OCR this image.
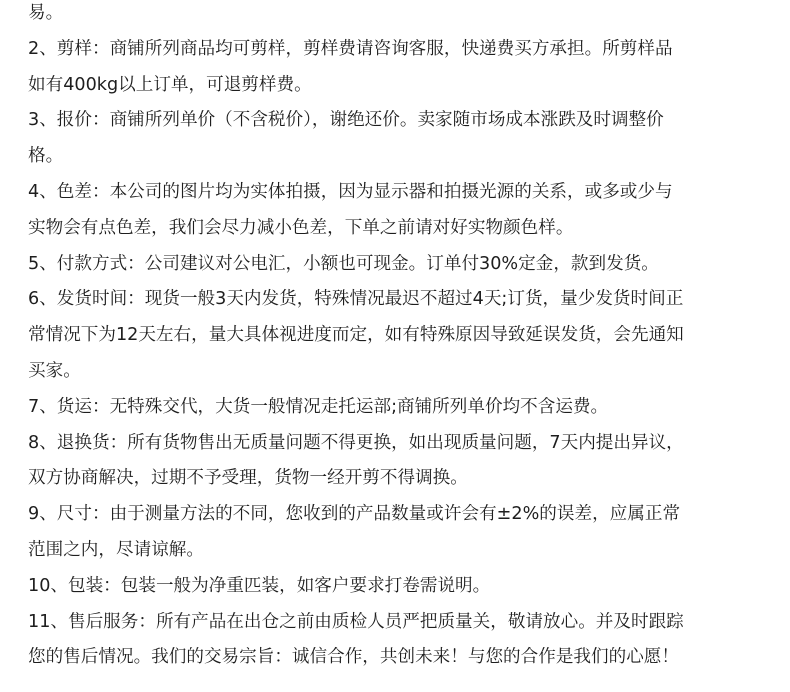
易。
2、剪样：商铺所列商品均可剪样，剪样费请咨询客服，快递费买方承担。所剪样品
如有400kg以上订单，可退剪样费。
3、报价：商铺所列单价（不含税价），谢绝还价。卖家随市场成本涨跌及时调整价
格。
4、色差：本公司的图片均为实体拍摄，因为显示器和拍摄光源的关系，或多或少与
实物会有点色差，我们会尽力减小色差，下单之前请对好实物颜色样。
5、付款方式：公司建议对公电汇，小额也可现金。订单付30%定金，款到发货。
6、发货时间：现货一般3天内发货，特殊情况最迟不超过4天;订货，量少发货时间正
常情况下为12天左右，量大具体视进度而定，如有特殊原因导致延误发货，会先通知
买家。
7、货运：无特殊交代，大货一般情况走托运部;商铺所列单价均不含运费。
8、退换货：所有货物售出无质量问题不得更换，如出现质量问题，7天内提出异议，
双方协商解决，过期不予受理，货物一经开剪不得调换。
9、尺寸：由于测量方法的不同，您收到的产品数量或许会有±2%的误差，应属正常
范围之内，尽请谅解。
10、包装：包装一般为净重匹装，如客户要求打卷需说明。
11、售后服务：所有产品在出仓之前由质检人员严把质量关，敬请放心。并及时跟踪
您的售后情况。我们的交易宗旨：诚信合作，共创未来！与您的合作是我们的心愿！
